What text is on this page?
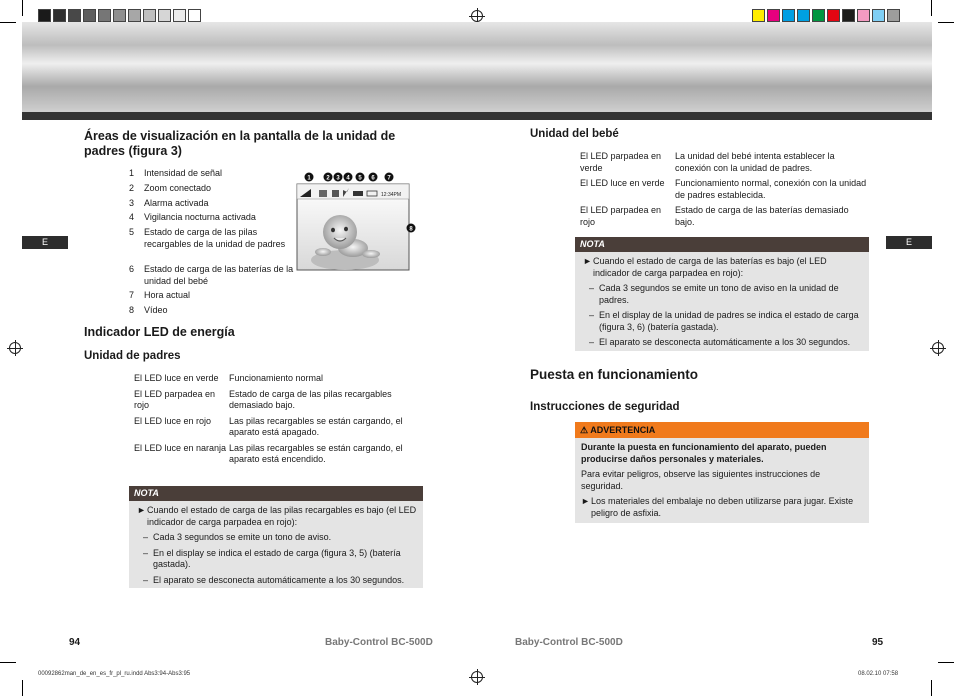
E	E
Áreas de visualización en la pantalla de la unidad de padres (figura 3)
1	Intensidad de señal
2	Zoom conectado
3	Alarma activada
4	Vigilancia nocturna activada
5	Estado de carga de las pilas recargables de la unidad de padres
6	Estado de carga de las baterías de la unidad del bebé
7	Hora actual
8	Vídeo
12:34PM
1	2 3 4 5 6 7
8
Indicador LED de energía
Unidad de padres
El LED luce en verde	Funcionamiento normal
El LED parpadea en rojo	Estado de carga de las pilas recargables demasiado bajo.
El LED luce en rojo	Las pilas recargables se están cargando, el aparato está apagado.
El LED luce en naranja	Las pilas recargables se están cargando, el aparato está encendido.
NOTA
► Cuando el estado de carga de las pilas recargables es bajo (el LED indicador de carga parpadea en rojo):
– Cada 3 segundos se emite un tono de aviso.
– En el display se indica el estado de carga (figura 3, 5) (batería gastada).
– El aparato se desconecta automáticamente a los 30 segundos.
94	Baby-Control BC-500D
Unidad del bebé
El LED parpadea en verde	La unidad del bebé intenta establecer la conexión con la unidad de padres.
El LED luce en verde	Funcionamiento normal, conexión con la unidad de padres establecida.
El LED parpadea en rojo	Estado de carga de las baterías demasiado bajo.
NOTA
► Cuando el estado de carga de las baterías es bajo (el LED indicador de carga parpadea en rojo):
– Cada 3 segundos se emite un tono de aviso en la unidad de padres.
– En el display de la unidad de padres se indica el estado de carga (figura 3, 6) (batería gastada).
– El aparato se desconecta automáticamente a los 30 segundos.
Puesta en funcionamiento
Instrucciones de seguridad
⚠ ADVERTENCIA
Durante la puesta en funcionamiento del aparato, pueden producirse daños personales y materiales.
Para evitar peligros, observe las siguientes instrucciones de seguridad.
► Los materiales del embalaje no deben utilizarse para jugar. Existe peligro de asfixia.
Baby-Control BC-500D	95
00092862man_de_en_es_fr_pl_ru.indd Abs3:94-Abs3:95	08.02.10 07:58
